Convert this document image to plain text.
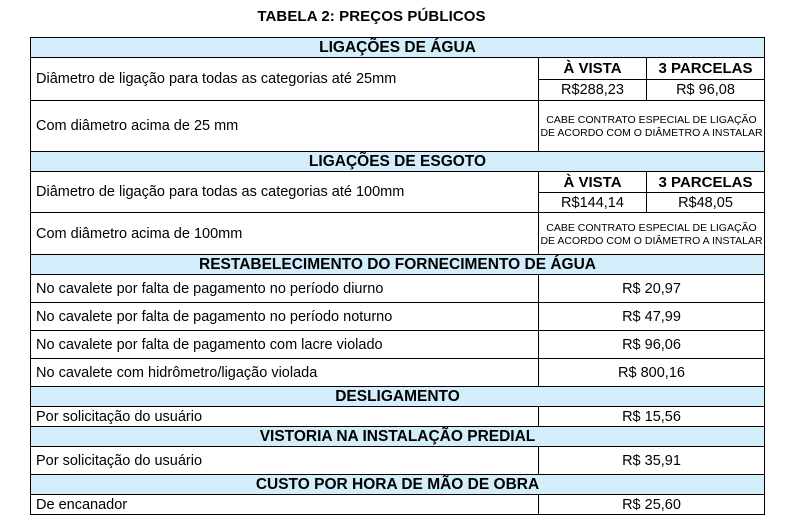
TABELA 2: PREÇOS PÚBLICOS
LIGAÇÕES DE ÁGUA		
Diâmetro de ligação para todas as categorias até 25mm	À VISTA	3 PARCELAS
	R$288,23	R$ 96,08
Com diâmetro acima de 25 mm	CABE CONTRATO ESPECIAL DE LIGAÇÃO DE ACORDO COM O DIÂMETRO A INSTALAR	
LIGAÇÕES DE ESGOTO		
Diâmetro de ligação para todas as categorias até 100mm	À VISTA	3 PARCELAS
	R$144,14	R$48,05
Com diâmetro acima de 100mm	CABE CONTRATO ESPECIAL DE LIGAÇÃO DE ACORDO COM O DIÂMETRO A INSTALAR	
RESTABELECIMENTO DO FORNECIMENTO DE ÁGUA		
No cavalete por falta de pagamento no período diurno	R$ 20,97	
No cavalete por falta de pagamento no período noturno	R$ 47,99	
No cavalete por falta de pagamento com lacre violado	R$ 96,06	
No cavalete com hidrômetro/ligação violada	R$ 800,16	
DESLIGAMENTO		
Por solicitação do usuário	R$ 15,56	
VISTORIA NA INSTALAÇÃO PREDIAL		
Por solicitação do usuário	R$ 35,91	
CUSTO POR HORA DE MÃO DE OBRA		
De encanador	R$ 25,60	
